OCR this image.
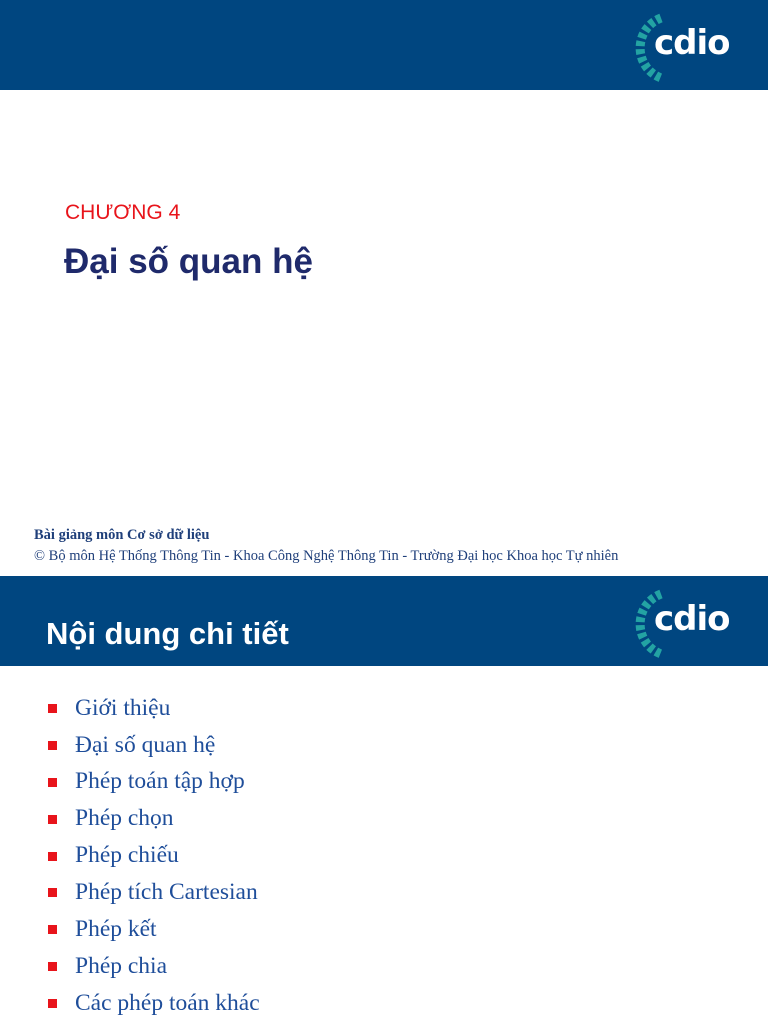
cdio
CHƯƠNG 4
Đại số quan hệ
Bài giảng môn Cơ sở dữ liệu
© Bộ môn Hệ Thống Thông Tin - Khoa Công Nghệ Thông Tin - Trường Đại học Khoa học Tự nhiên
Nội dung chi tiết	cdio
Giới thiệu
Đại số quan hệ
Phép toán tập hợp
Phép chọn
Phép chiếu
Phép tích Cartesian
Phép kết
Phép chia
Các phép toán khác
